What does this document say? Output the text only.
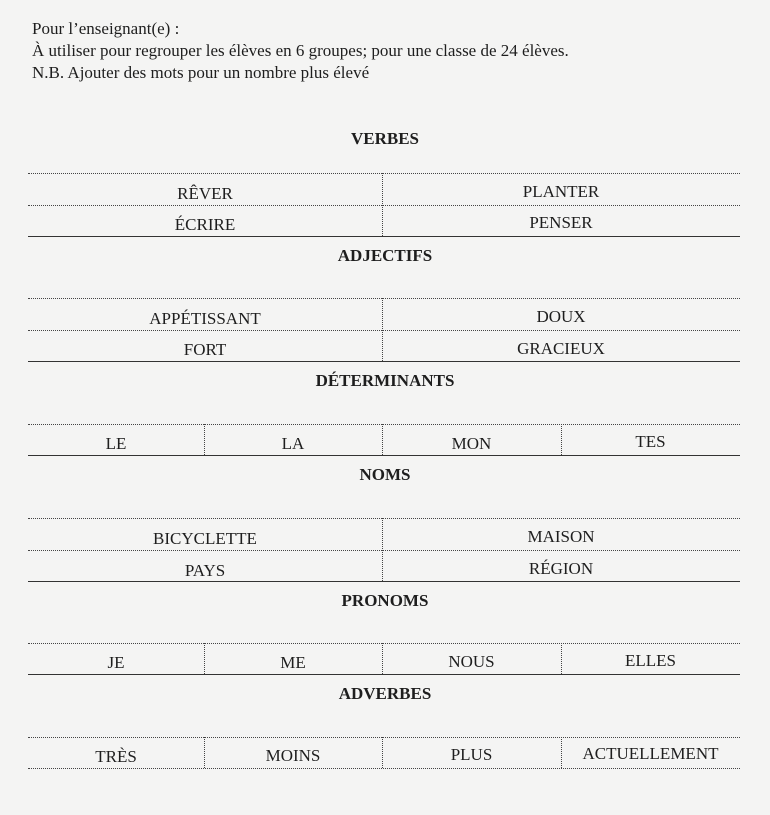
Pour l’enseignant(e) :
À utiliser pour regrouper les élèves en 6 groupes; pour une classe de 24 élèves.
N.B. Ajouter des mots pour un nombre plus élevé
VERBES
RÊVER	PLANTER
ÉCRIRE	PENSER
ADJECTIFS
APPÉTISSANT	DOUX
FORT	GRACIEUX
DÉTERMINANTS
LE	LA	MON	TES
NOMS
BICYCLETTE	MAISON
PAYS	RÉGION
PRONOMS
JE	ME	NOUS	ELLES
ADVERBES
TRÈS	MOINS	PLUS	ACTUELLEMENT
